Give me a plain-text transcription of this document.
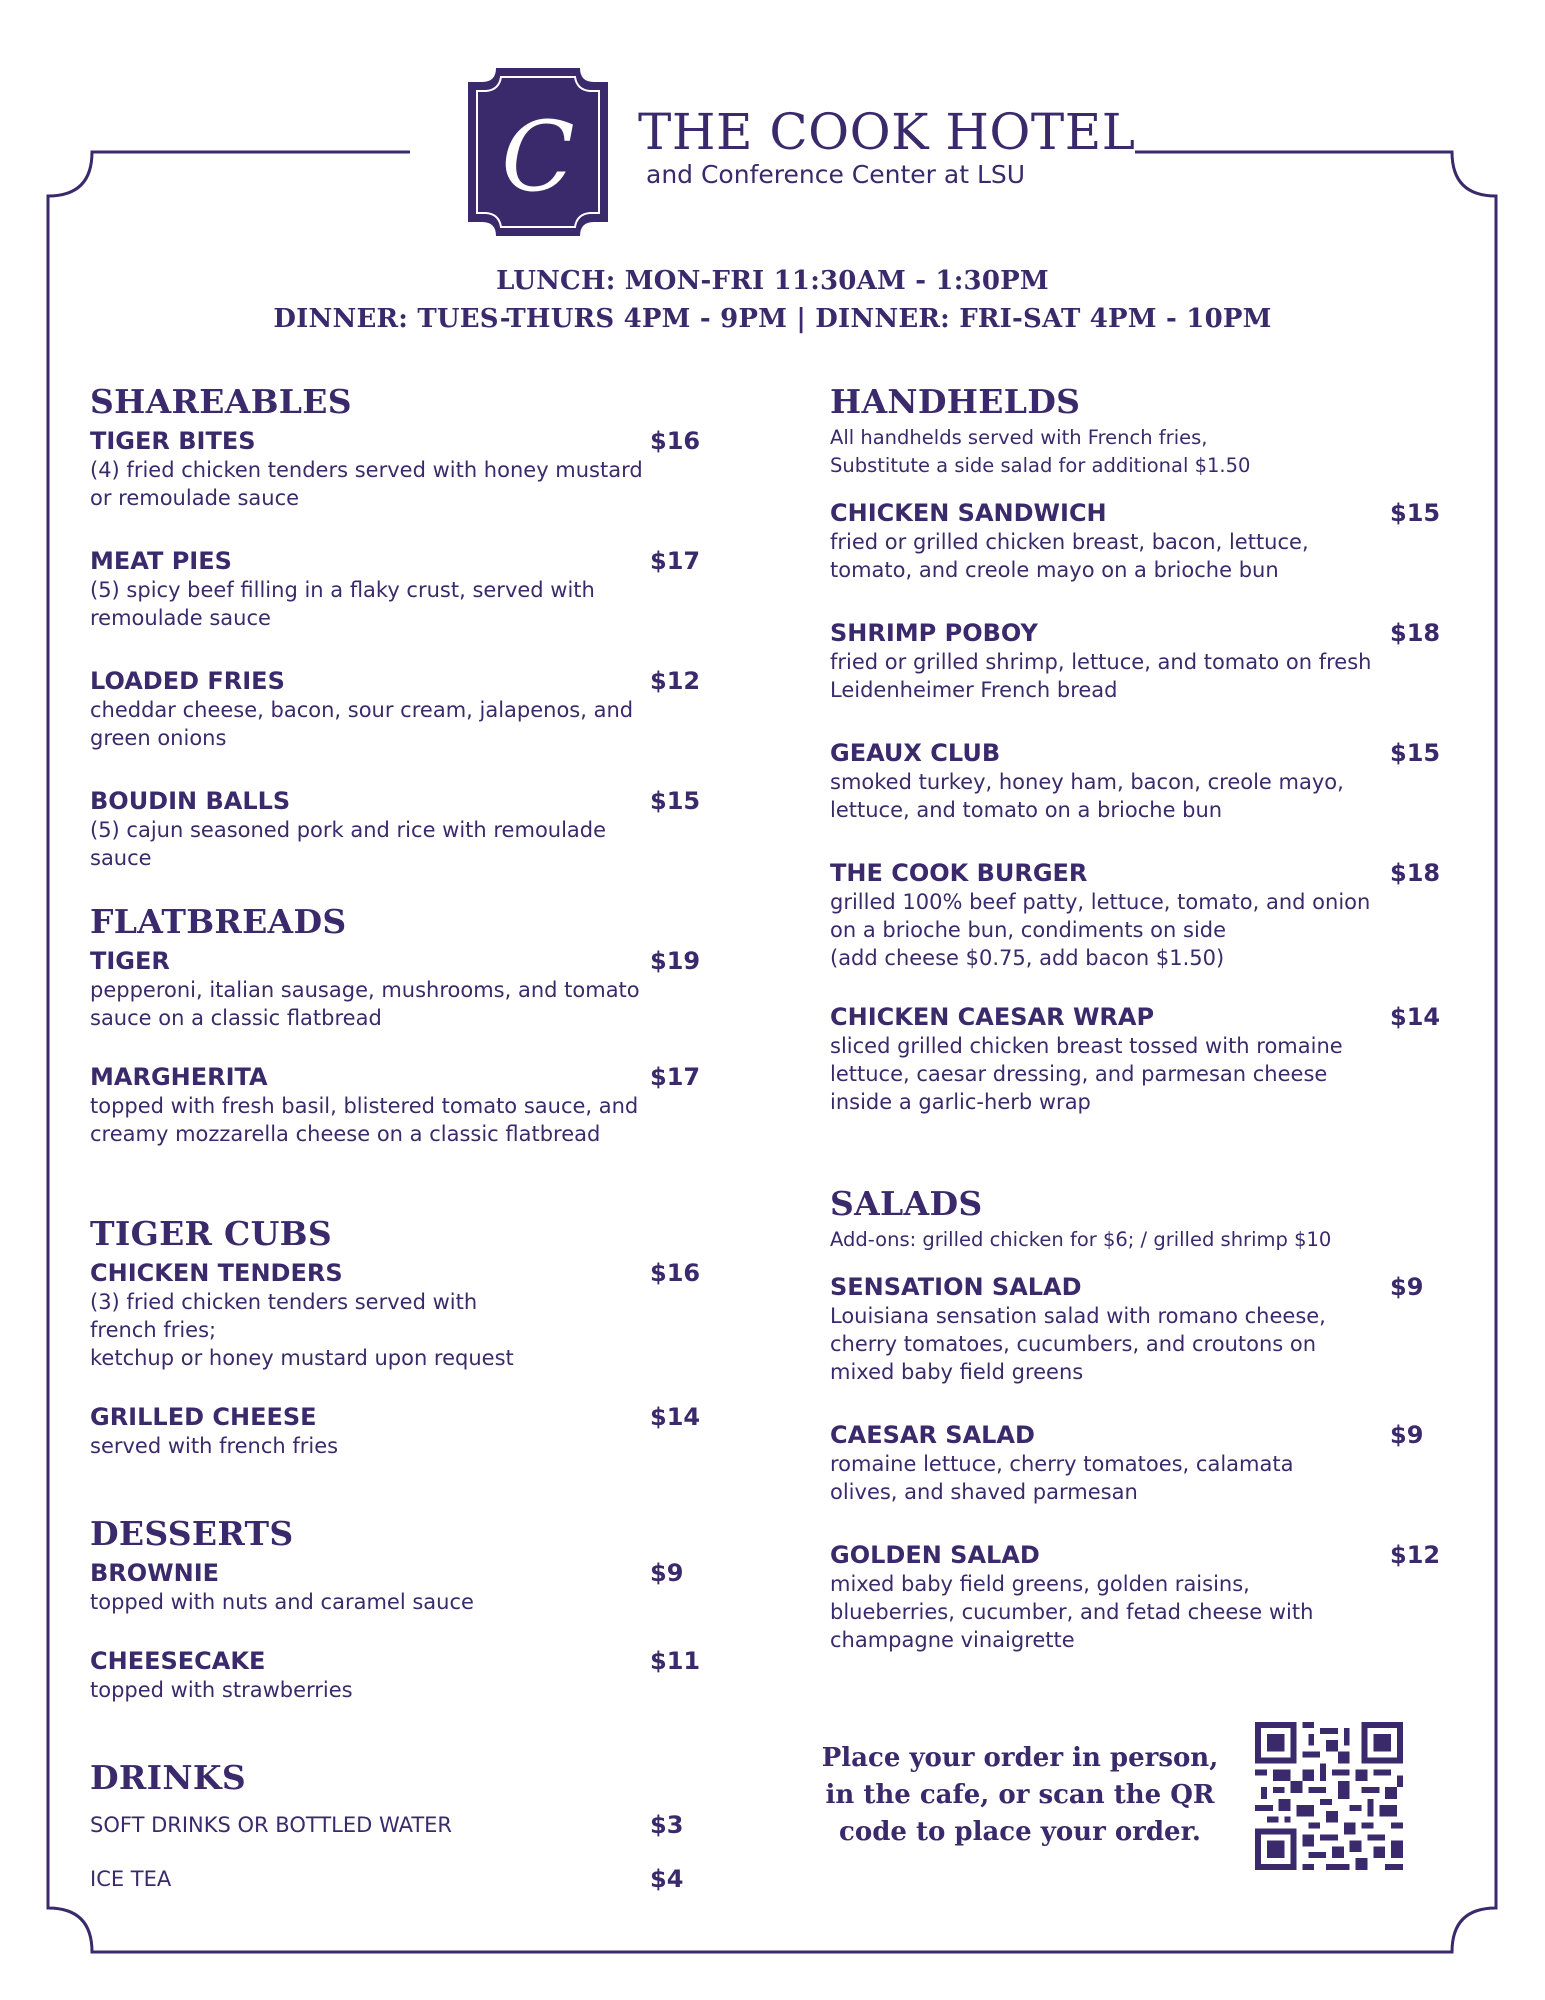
C THE COOK HOTEL
and Conference Center at LSU
LUNCH: MON-FRI 11:30AM - 1:30PM
DINNER: TUES-THURS 4PM - 9PM | DINNER: FRI-SAT 4PM - 10PM
SHAREABLES
TIGER BITES	$16
(4) fried chicken tenders served with honey mustard or remoulade sauce
MEAT PIES	$17
(5) spicy beef filling in a flaky crust, served with remoulade sauce
LOADED FRIES	$12
cheddar cheese, bacon, sour cream, jalapenos, and green onions
BOUDIN BALLS	$15
(5) cajun seasoned pork and rice with remoulade sauce
FLATBREADS
TIGER	$19
pepperoni, italian sausage, mushrooms, and tomato sauce on a classic flatbread
MARGHERITA	$17
topped with fresh basil, blistered tomato sauce, and creamy mozzarella cheese on a classic flatbread
TIGER CUBS
CHICKEN TENDERS	$16
(3) fried chicken tenders served with french fries;
ketchup or honey mustard upon request
GRILLED CHEESE	$14
served with french fries
DESSERTS
BROWNIE	$9
topped with nuts and caramel sauce
CHEESECAKE	$11
topped with strawberries
DRINKS
SOFT DRINKS OR BOTTLED WATER	$3
ICE TEA	$4
HANDHELDS
All handhelds served with French fries,
Substitute a side salad for additional $1.50
CHICKEN SANDWICH	$15
fried or grilled chicken breast, bacon, lettuce, tomato, and creole mayo on a brioche bun
SHRIMP POBOY	$18
fried or grilled shrimp, lettuce, and tomato on fresh Leidenheimer French bread
GEAUX CLUB	$15
smoked turkey, honey ham, bacon, creole mayo, lettuce, and tomato on a brioche bun
THE COOK BURGER	$18
grilled 100% beef patty, lettuce, tomato, and onion on a brioche bun, condiments on side
(add cheese $0.75, add bacon $1.50)
CHICKEN CAESAR WRAP	$14
sliced grilled chicken breast tossed with romaine lettuce, caesar dressing, and parmesan cheese inside a garlic-herb wrap
SALADS
Add-ons: grilled chicken for $6; / grilled shrimp $10
SENSATION SALAD	$9
Louisiana sensation salad with romano cheese, cherry tomatoes, cucumbers, and croutons on mixed baby field greens
CAESAR SALAD	$9
romaine lettuce, cherry tomatoes, calamata olives, and shaved parmesan
GOLDEN SALAD	$12
mixed baby field greens, golden raisins, blueberries, cucumber, and fetad cheese with champagne vinaigrette
Place your order in person,
in the cafe, or scan the QR
code to place your order.
